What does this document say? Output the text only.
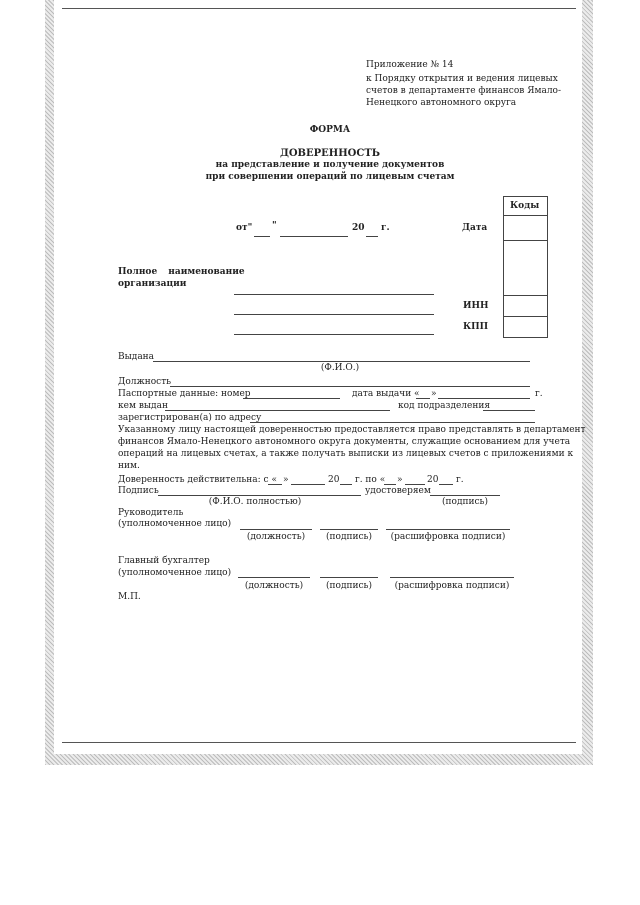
Приложение № 14
к Порядку открытия и ведения лицевых
счетов в департаменте финансов Ямало-
Ненецкого автономного округа
ФОРМА
ДОВЕРЕННОСТЬ
на представление и получение документов
при совершении операций по лицевым счетам
Коды
от" "	20 г.	Дата
Полное наименование
организации
ИНН
КПП
Выдана
(Ф.И.О.)
Должность
Паспортные данные: номер	дата выдачи « »	г.
кем выдан	код подразделения
зарегистрирован(а) по адресу
Указанному лицу настоящей доверенностью предоставляется право представлять в департамент
финансов Ямало-Ненецкого автономного округа документы, служащие основанием для учета
операций на лицевых счетах, а также получать выписки из лицевых счетов с приложениями к
ним.
Доверенность действительна: с « »	20 г. по « »	20 г.
Подпись	удостоверяем
(Ф.И.О. полностью)	(подпись)
Руководитель
(уполномоченное лицо)
(должность)	(подпись)	(расшифровка подписи)
Главный бухгалтер
(уполномоченное лицо)
(должность)	(подпись)	(расшифровка подписи)
М.П.
